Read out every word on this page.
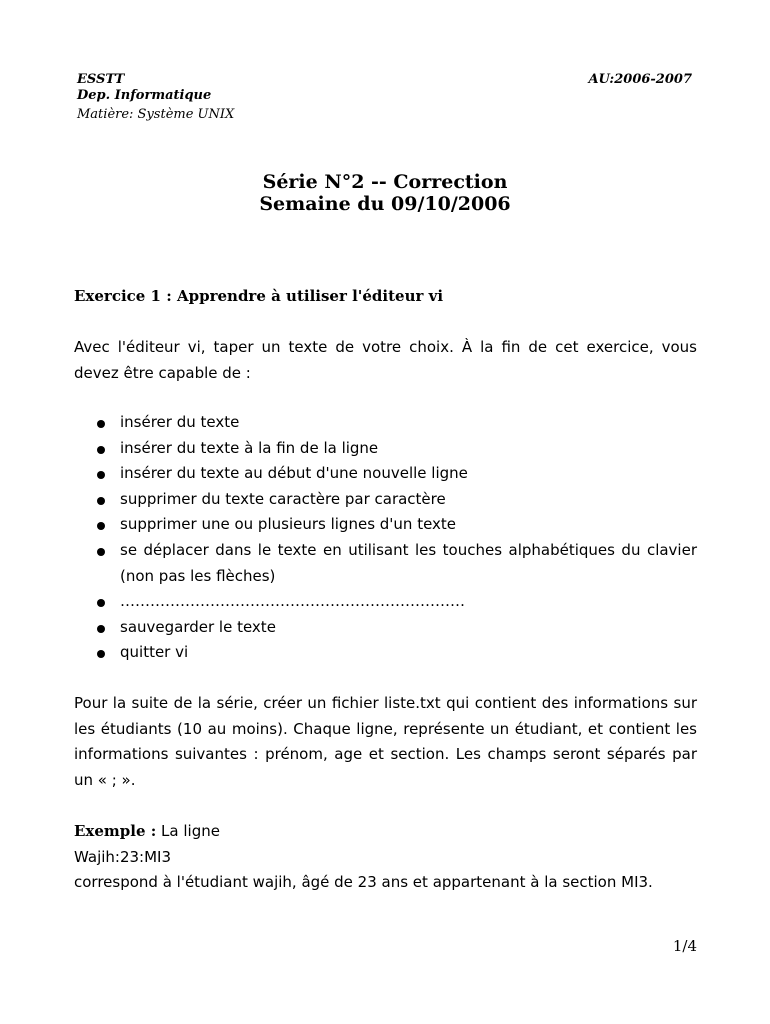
ESSTT
Dep. Informatique
Matière: Système UNIX
AU:2006-2007
Série N°2 -- Correction
Semaine du 09/10/2006
Exercice 1 : Apprendre à utiliser l'éditeur vi
Avec l'éditeur vi, taper un texte de votre choix. À la fin de cet exercice, vous devez être capable de :
insérer du texte
insérer du texte à la fin de la ligne
insérer du texte au début d'une nouvelle ligne
supprimer du texte caractère par caractère
supprimer une ou plusieurs lignes d'un texte
se déplacer dans le texte en utilisant les touches alphabétiques du clavier (non pas les flèches)
……………………………………………………………
sauvegarder le texte
quitter vi
Pour la suite de la série, créer un fichier liste.txt qui contient des informations sur les étudiants (10 au moins). Chaque ligne, représente un étudiant, et contient les informations suivantes : prénom, age et section. Les champs seront séparés par un « ; ».
Exemple : La ligne
Wajih:23:MI3
correspond à l'étudiant wajih, âgé de 23 ans et appartenant à la section MI3.
1/4
